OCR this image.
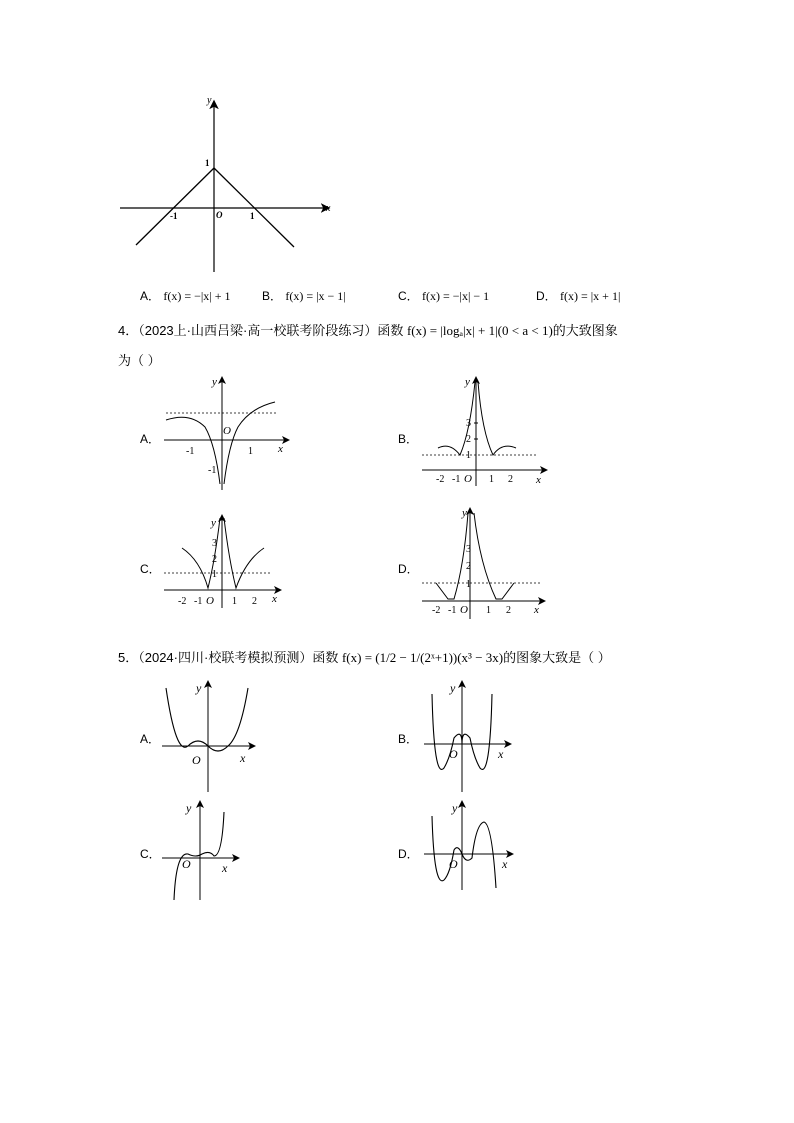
x
y
1
-1	1
O
A． f(x) = −|x| + 1	B． f(x) = |x − 1|	C． f(x) = −|x| − 1	D． f(x) = |x + 1|
4．（2023上·山西吕梁·高一校联考阶段练习）函数 f(x) = |logₐ|x| + 1|(0 < a < 1)的大致图象
为（ ）
A．
y
x
O
-1	1
-1
B．
y
x
3
2
1
-2 -1 O 1 2
C．
y
x
3
2
1
-2 -1 O 1 2
D．
y
x
3
2
1
-2 -1 O 1 2
5．（2024·四川·校联考模拟预测）函数 f(x) = (1/2 − 1/(2ˣ+1))(x³ − 3x)的图象大致是（ ）
A．
y
x
O
B．
y
x
O
C．
y
x
O
D．
y
x
O
